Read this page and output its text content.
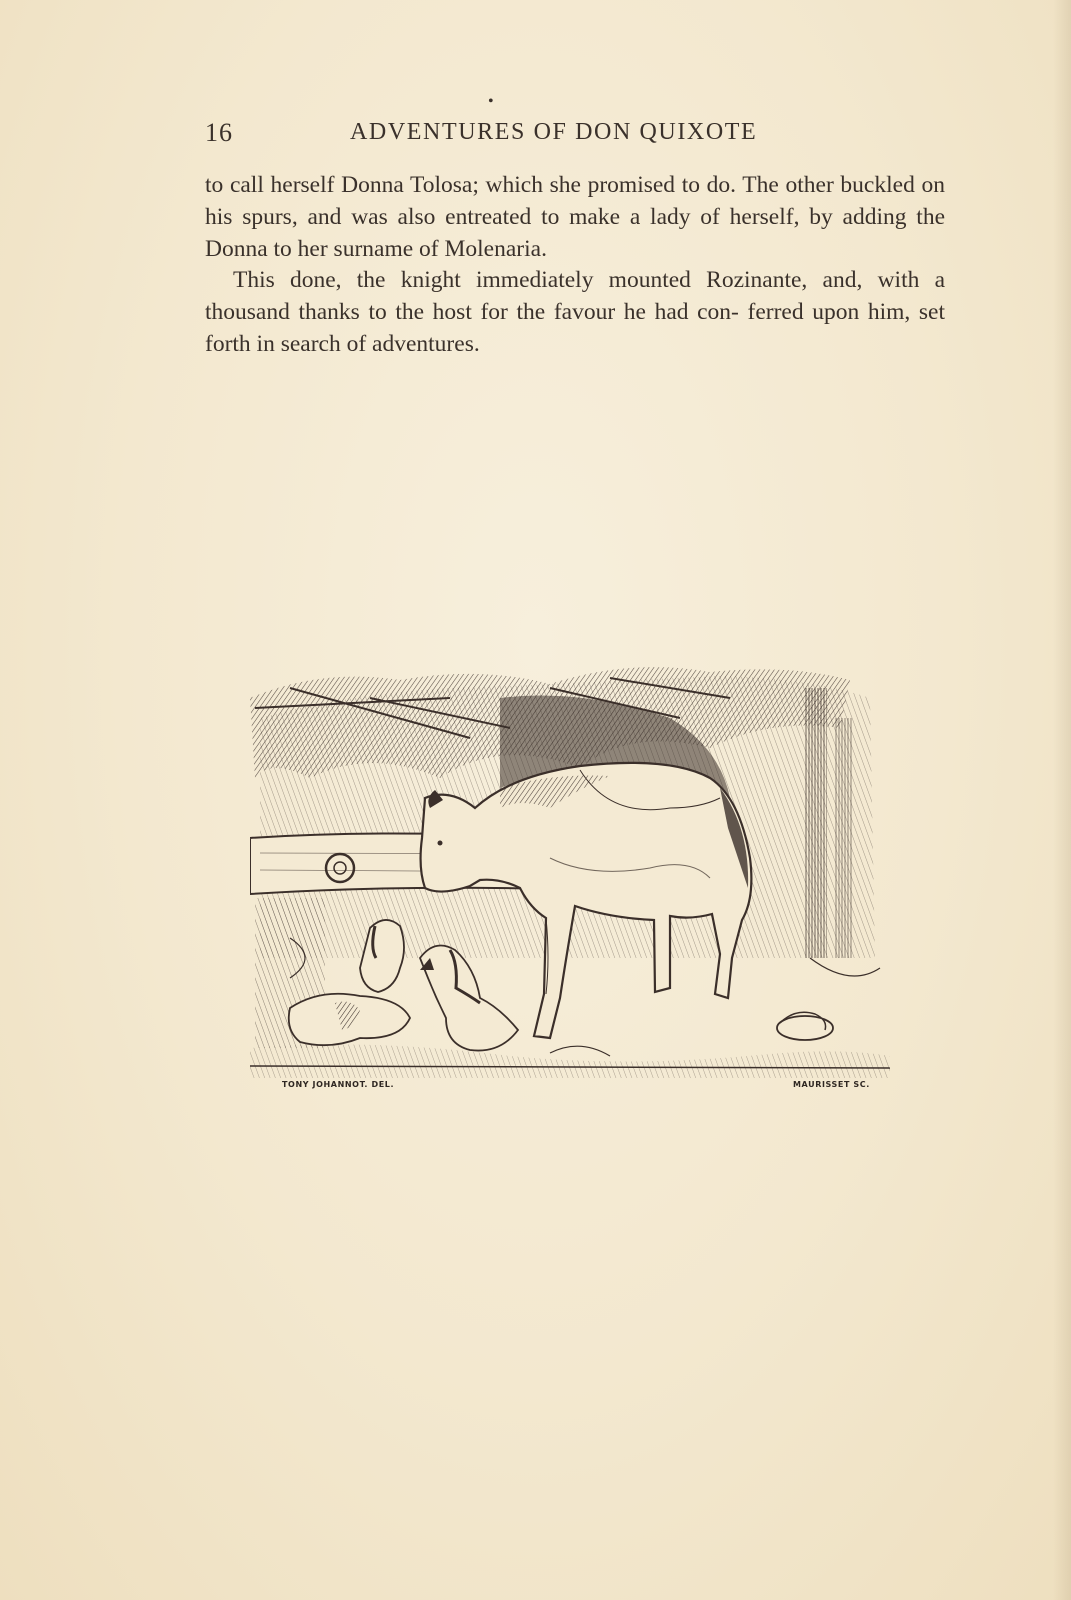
•
16	ADVENTURES OF DON QUIXOTE

to call herself Donna Tolosa; which she promised to do. The other buckled on his spurs, and was also entreated to make a lady of herself, by adding the Donna to her surname of Molenaria.

This done, the knight immediately mounted Rozinante, and, with a thousand thanks to the host for the favour he had con- ferred upon him, set forth in search of adventures.

TONY JOHANNOT. DEL.	MAURISSET SC.
